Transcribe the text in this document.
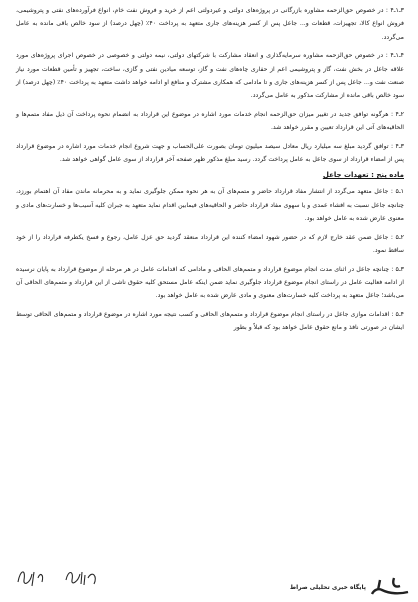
۳ـ۱ـ۴ : در خصوص حق‌الزحمه مشاوره بازرگانی در پروژه‌های دولتی و غیردولتی اعم از خرید و فروش نفت خام، انواع فرآورده‌های نفتی و پتروشیمی، فروش انواع کالا، تجهیزات، قطعات و... جاعل پس از کسر هزینه‌های جاری متعهد به پرداخت ۴۰٪ (چهل درصد) از سود خالص باقی مانده به عامل می‌گردد.

۴ـ۱ـ۴ : در خصوص حق‌الزحمه مشاوره سرمایه‌گذاری و انعقاد مشارکت با شرکتهای دولتی، نیمه دولتی و خصوصی در خصوص اجرای پروژه‌های مورد علاقه جاعل در بخش نفت، گاز و پتروشیمی اعم از حفاری چاه‌های نفت و گاز، توسعه میادین نفتی و گازی، ساخت، تجهیز و تأمین قطعات مورد نیاز صنعت نفت و... جاعل پس از کسر هزینه‌های جاری و تا مادامی که همکاری مشترک و منافع او ادامه خواهد داشت متعهد به پرداخت ۴۰٪ (چهل درصد) از سود خالص باقی مانده از مشارکت مذکور به عامل می‌گردد.

۲ـ۴ : هرگونه توافق جدید در تغییر میزان حق‌الزحمه انجام خدمات مورد اشاره در موضوع این قرارداد به انضمام نحوه پرداخت آن ذیل مفاد متمم‌ها و الحاقیه‌های آتی این قرارداد تعیین و مقرر خواهد شد.

۳ـ۴ : توافق گردید مبلغ سه میلیارد ریال معادل سیصد میلیون تومان بصورت علی‌الحساب و جهت شروع انجام خدمات مورد اشاره در موضوع قرارداد پس از امضاء قرارداد از سوی جاعل به عامل پرداخت گردد. رسید مبلغ مذکور ظهر صفحه آخر قرارداد از سوی عامل گواهی خواهد شد.

ماده پنج : تعهدات جاعل

۱ـ۵ : جاعل متعهد می‌گردد از انتشار مفاد قرارداد حاضر و متمم‌های آن به هر نحوه ممکن جلوگیری نماید و به محرمانه ماندن مفاد آن اهتمام بورزد، چنانچه جاعل نسبت به افشاء عمدی و یا سهوی مفاد قرارداد حاضر و الحاقیه‌های فیمابین اقدام نماید متعهد به جبران کلیه آسیب‌ها و خسارت‌های مادی و معنوی عارض شده به عامل خواهد بود.

۲ـ۵ : جاعل ضمن عقد خارج لازم که در حضور شهود امضاء کننده این قرارداد منعقد گردید حق عزل عامل، رجوع و فسخ یکطرفه قرارداد را از خود ساقط نمود.

۳ـ۵ : چنانچه جاعل در اثنای مدت انجام موضوع قرارداد و متمم‌های الحاقی و مادامی که اقدامات عامل در هر مرحله از موضوع قرارداد به پایان نرسیده از ادامه فعالیت عامل در راستای انجام موضوع قرارداد جلوگیری نماید ضمن اینکه عامل مستحق کلیه حقوق ناشی از این قرارداد و متمم‌های الحاقی آن می‌باشد؛ جاعل متعهد به پرداخت کلیه خسارت‌های معنوی و مادی عارض شده به عامل خواهد بود.

۴ـ۵ : اقدامات موازی جاعل در راستای انجام موضوع قرارداد و متمم‌های الحاقی و کسب نتیجه مورد اشاره در موضوع قرارداد و متمم‌های الحاقی توسط ایشان در صورتی نافذ و مانع حقوق عامل خواهد بود که قبلاً و بطور

پایگاه خبری تحلیلی صراط
